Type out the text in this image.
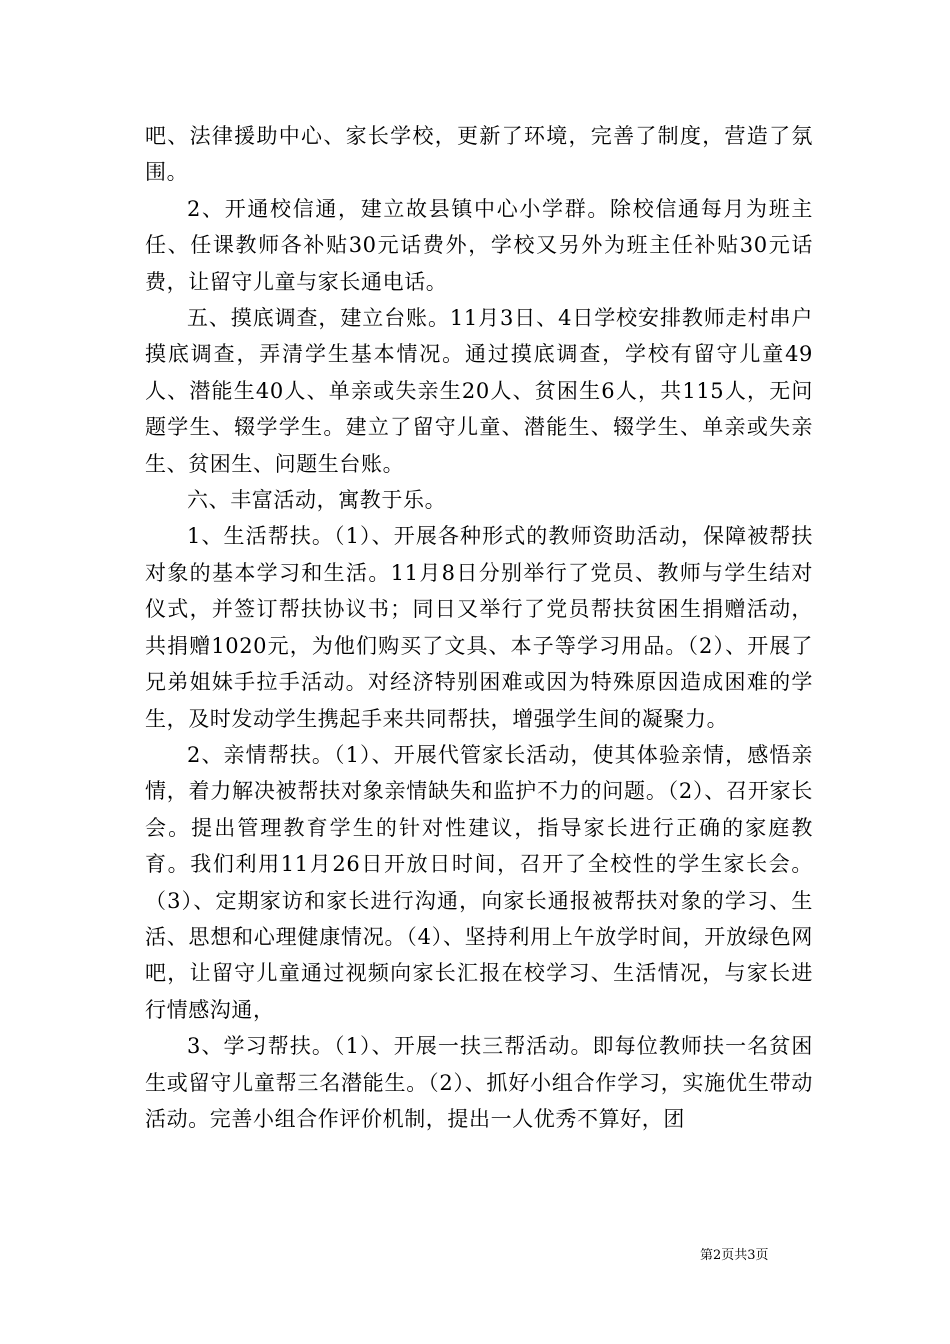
吧、法律援助中心、家长学校，更新了环境，完善了制度，营造了氛围。

2、开通校信通，建立故县镇中心小学群。除校信通每月为班主任、任课教师各补贴30元话费外，学校又另外为班主任补贴30元话费，让留守儿童与家长通电话。

五、摸底调查，建立台账。11月3日、4日学校安排教师走村串户摸底调查，弄清学生基本情况。通过摸底调查，学校有留守儿童49人、潜能生40人、单亲或失亲生20人、贫困生6人，共115人，无问题学生、辍学学生。建立了留守儿童、潜能生、辍学生、单亲或失亲生、贫困生、问题生台账。

六、丰富活动，寓教于乐。

1、生活帮扶。（1）、开展各种形式的教师资助活动，保障被帮扶对象的基本学习和生活。11月8日分别举行了党员、教师与学生结对仪式，并签订帮扶协议书；同日又举行了党员帮扶贫困生捐赠活动，共捐赠1020元，为他们购买了文具、本子等学习用品。（2）、开展了兄弟姐妹手拉手活动。对经济特别困难或因为特殊原因造成困难的学生，及时发动学生携起手来共同帮扶，增强学生间的凝聚力。

2、亲情帮扶。（1）、开展代管家长活动，使其体验亲情，感悟亲情，着力解决被帮扶对象亲情缺失和监护不力的问题。（2）、召开家长会。提出管理教育学生的针对性建议，指导家长进行正确的家庭教育。我们利用11月26日开放日时间，召开了全校性的学生家长会。（3）、定期家访和家长进行沟通，向家长通报被帮扶对象的学习、生活、思想和心理健康情况。（4）、坚持利用上午放学时间，开放绿色网吧，让留守儿童通过视频向家长汇报在校学习、生活情况，与家长进行情感沟通，

3、学习帮扶。（1）、开展一扶三帮活动。即每位教师扶一名贫困生或留守儿童帮三名潜能生。（2）、抓好小组合作学习，实施优生带动活动。完善小组合作评价机制，提出一人优秀不算好，团

第2页共3页
